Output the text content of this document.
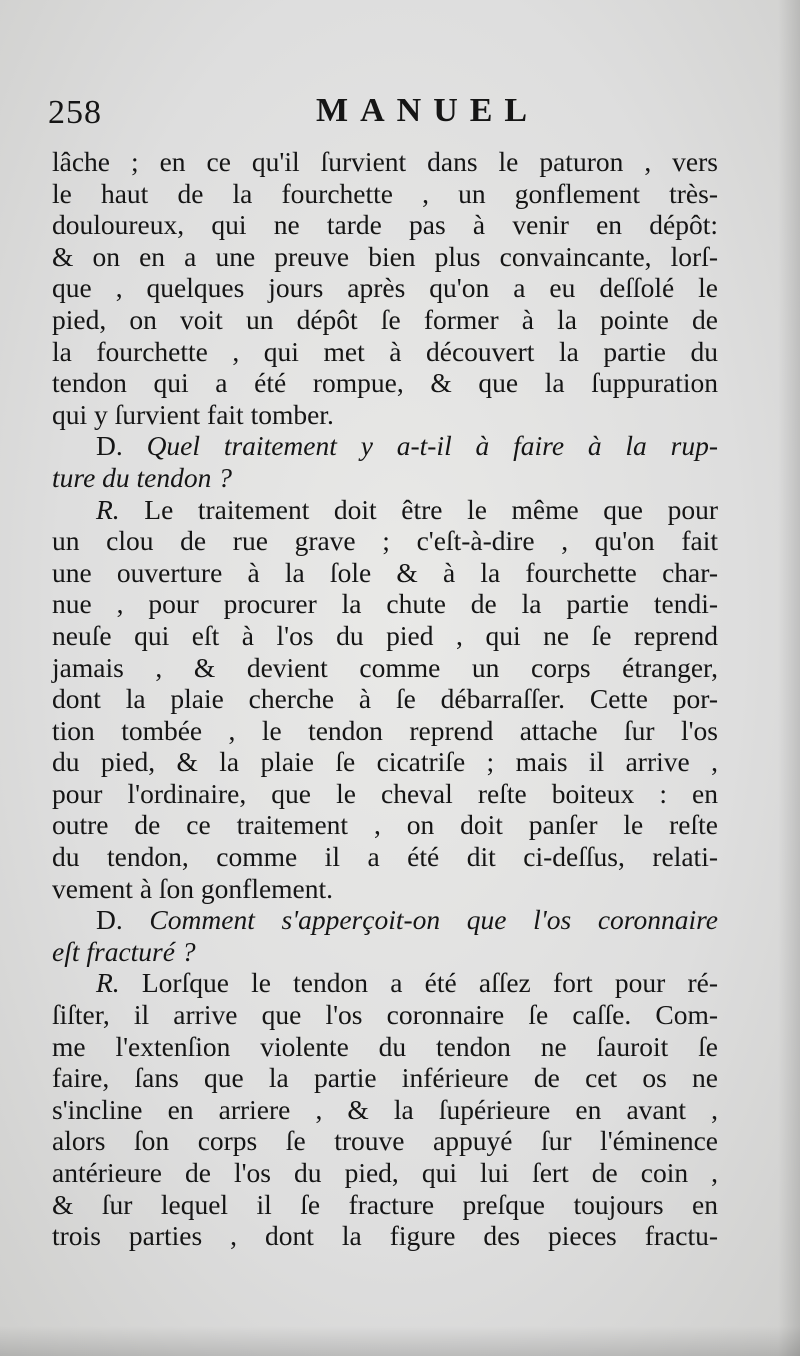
258	MANUEL
lâche ; en ce qu'il ſurvient dans le paturon , vers
le haut de la fourchette , un gonflement très-
douloureux, qui ne tarde pas à venir en dépôt:
& on en a une preuve bien plus convaincante, lorſ-
que , quelques jours après qu'on a eu deſſolé le
pied, on voit un dépôt ſe former à la pointe de
la fourchette , qui met à découvert la partie du
tendon qui a été rompue, & que la ſuppuration
qui y ſurvient fait tomber.
D. Quel traitement y a-t-il à faire à la rup-
ture du tendon ?
R. Le traitement doit être le même que pour
un clou de rue grave ; c'eſt-à-dire , qu'on fait
une ouverture à la ſole & à la fourchette char-
nue , pour procurer la chute de la partie tendi-
neuſe qui eſt à l'os du pied , qui ne ſe reprend
jamais , & devient comme un corps étranger,
dont la plaie cherche à ſe débarraſſer. Cette por-
tion tombée , le tendon reprend attache ſur l'os
du pied, & la plaie ſe cicatriſe ; mais il arrive ,
pour l'ordinaire, que le cheval reſte boiteux : en
outre de ce traitement , on doit panſer le reſte
du tendon, comme il a été dit ci-deſſus, relati-
vement à ſon gonflement.
D. Comment s'apperçoit-on que l'os coronnaire
eſt fracturé ?
R. Lorſque le tendon a été aſſez fort pour ré-
ſiſter, il arrive que l'os coronnaire ſe caſſe. Com-
me l'extenſion violente du tendon ne ſauroit ſe
faire, ſans que la partie inférieure de cet os ne
s'incline en arriere , & la ſupérieure en avant ,
alors ſon corps ſe trouve appuyé ſur l'éminence
antérieure de l'os du pied, qui lui ſert de coin ,
& ſur lequel il ſe fracture preſque toujours en
trois parties , dont la figure des pieces fractu-
